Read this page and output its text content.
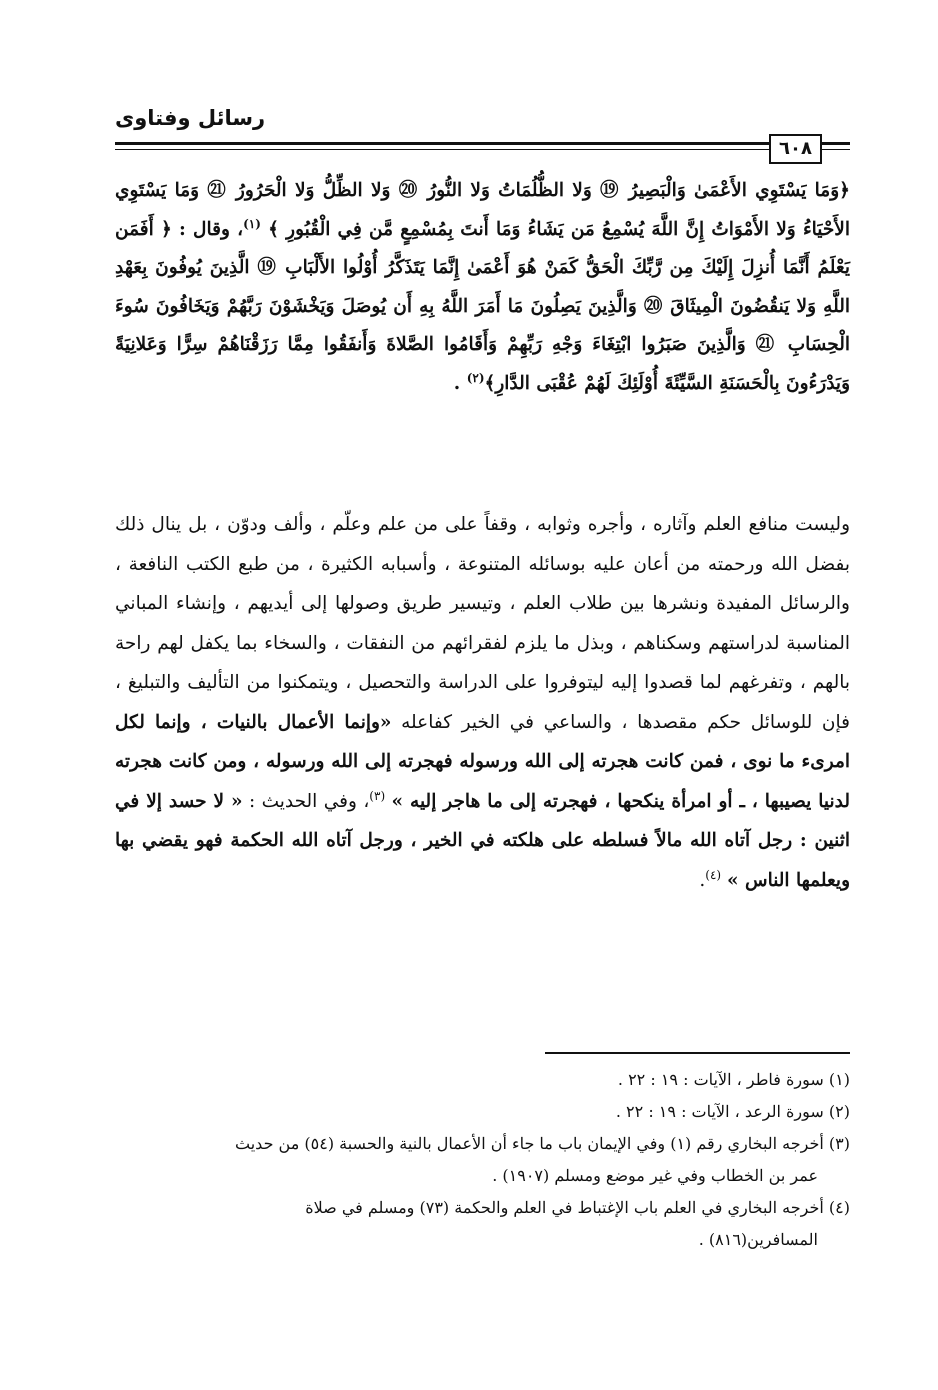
رسائل وفتاوى
٦٠٨
﴿وَمَا يَسْتَوِي الأَعْمَىٰ وَالْبَصِيرُ ⑲ وَلا الظُّلُمَاتُ وَلا النُّورُ ⑳ وَلا الظِّلُّ وَلا الْحَرُورُ ㉑ وَمَا يَسْتَوِي الأَحْيَاءُ وَلا الأَمْوَاتُ إِنَّ اللَّهَ يُسْمِعُ مَن يَشَاءُ وَمَا أَنتَ بِمُسْمِعٍ مَّن فِي الْقُبُورِ ﴾ $^{(١)}$، وقال : ﴿ أَفَمَن يَعْلَمُ أَنَّمَا أُنزِلَ إِلَيْكَ مِن رَّبِّكَ الْحَقُّ كَمَنْ هُوَ أَعْمَىٰ إِنَّمَا يَتَذَكَّرُ أُوْلُوا الأَلْبَابِ ⑲ الَّذِينَ يُوفُونَ بِعَهْدِ اللَّهِ وَلا يَنقُضُونَ الْمِيثَاقَ ⑳ وَالَّذِينَ يَصِلُونَ مَا أَمَرَ اللَّهُ بِهِ أَن يُوصَلَ وَيَخْشَوْنَ رَبَّهُمْ وَيَخَافُونَ سُوءَ الْحِسَابِ ㉑ وَالَّذِينَ صَبَرُوا ابْتِغَاءَ وَجْهِ رَبِّهِمْ وَأَقَامُوا الصَّلاةَ وَأَنفَقُوا مِمَّا رَزَقْنَاهُمْ سِرًّا وَعَلانِيَةً وَيَدْرَءُونَ بِالْحَسَنَةِ السَّيِّئَةَ أُوْلَئِكَ لَهُمْ عُقْبَى الدَّارِ﴾$^{(٢)}$ .
وليست منافع العلم وآثاره ، وأجره وثوابه ، وقفاً على من علم وعلّم ، وألف ودوّن ، بل ينال ذلك بفضل الله ورحمته من أعان عليه بوسائله المتنوعة ، وأسبابه الكثيرة ، من طبع الكتب النافعة ، والرسائل المفيدة ونشرها بين طلاب العلم ، وتيسير طريق وصولها إلى أيديهم ، وإنشاء المباني المناسبة لدراستهم وسكناهم ، وبذل ما يلزم لفقرائهم من النفقات ، والسخاء بما يكفل لهم راحة بالهم ، وتفرغهم لما قصدوا إليه ليتوفروا على الدراسة والتحصيل ، ويتمكنوا من التأليف والتبليغ ، فإن للوسائل حكم مقصدها ، والساعي في الخير كفاعله «وإنما الأعمال بالنيات ، وإنما لكل امرىء ما نوى ، فمن كانت هجرته إلى الله ورسوله فهجرته إلى الله ورسوله ، ومن كانت هجرته لدنيا يصيبها ، ـ أو امرأة ينكحها ، فهجرته إلى ما هاجر إليه » $^{(٣)}$، وفي الحديث : « لا حسد إلا في اثنين : رجل آتاه الله مالاً فسلطه على هلكته في الخير ، ورجل آتاه الله الحكمة فهو يقضي بها ويعلمها الناس » $^{(٤)}$.

(١) سورة فاطر ، الآيات : ١٩ : ٢٢ .

(٢) سورة الرعد ، الآيات : ١٩ : ٢٢ .

(٣) أخرجه البخاري رقم (١) وفي الإيمان باب ما جاء أن الأعمال بالنية والحسبة (٥٤) من حديث
عمر بن الخطاب وفي غير موضع ومسلم (١٩٠٧) .

(٤) أخرجه البخاري في العلم باب الإغتباط في العلم والحكمة (٧٣) ومسلم في صلاة
المسافرين(٨١٦) .
